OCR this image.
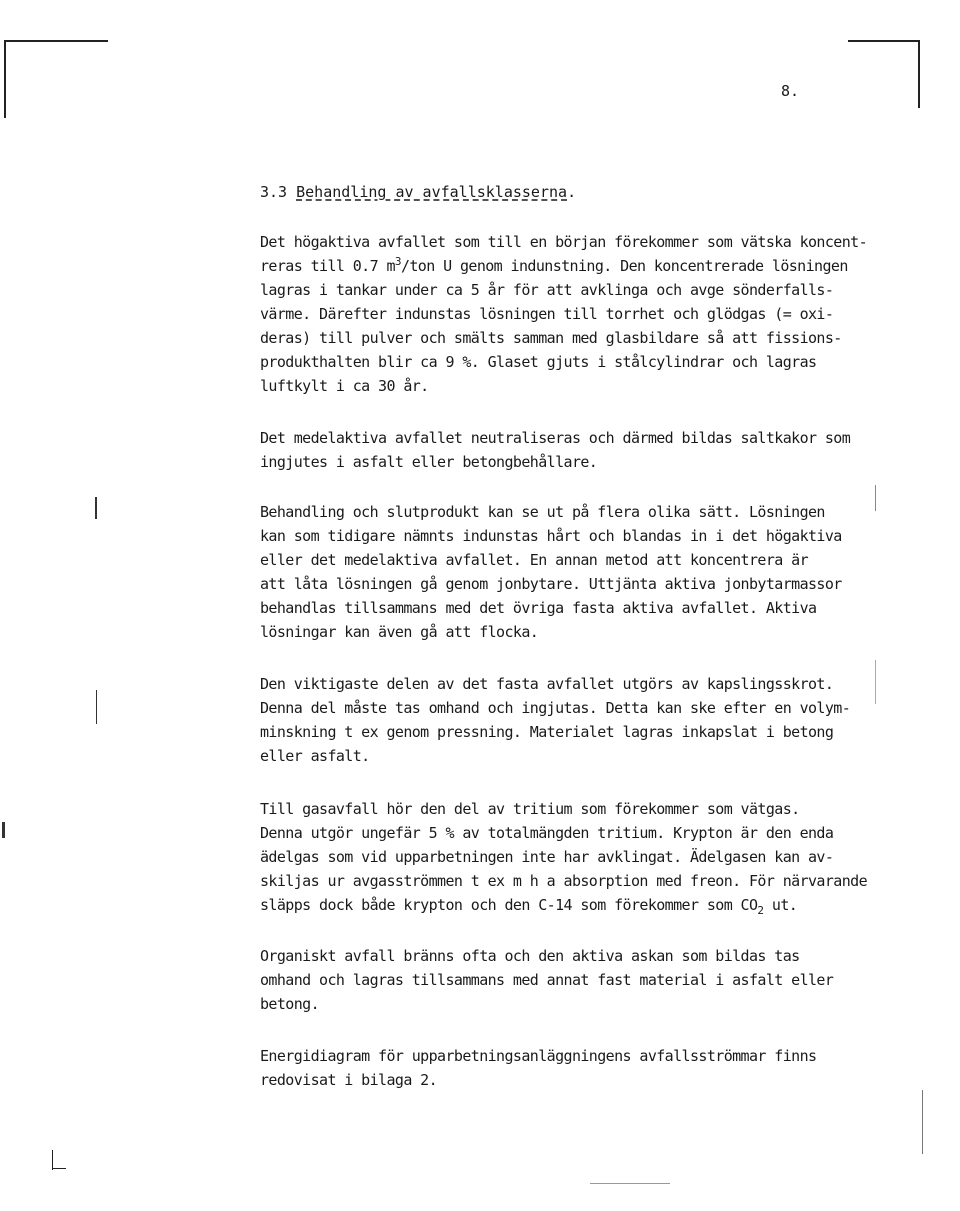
8.
3.3 Behandling av avfallsklasserna.
Det högaktiva avfallet som till en början förekommer som vätska koncent-
reras till 0.7 $m^3$/ton U genom indunstning. Den koncentrerade lösningen
lagras i tankar under ca 5 år för att avklinga och avge sönderfalls-
värme. Därefter indunstas lösningen till torrhet och glödgas (= oxi-
deras) till pulver och smälts samman med glasbildare så att fissions-
produkthalten blir ca 9 %. Glaset gjuts i stålcylindrar och lagras
luftkylt i ca 30 år.
Det medelaktiva avfallet neutraliseras och därmed bildas saltkakor som
ingjutes i asfalt eller betongbehållare.
Behandling och slutprodukt kan se ut på flera olika sätt. Lösningen
kan som tidigare nämnts indunstas hårt och blandas in i det högaktiva
eller det medelaktiva avfallet. En annan metod att koncentrera är
att låta lösningen gå genom jonbytare. Uttjänta aktiva jonbytarmassor
behandlas tillsammans med det övriga fasta aktiva avfallet. Aktiva
lösningar kan även gå att flocka.
Den viktigaste delen av det fasta avfallet utgörs av kapslingsskrot.
Denna del måste tas omhand och ingjutas. Detta kan ske efter en volym-
minskning t ex genom pressning. Materialet lagras inkapslat i betong
eller asfalt.
Till gasavfall hör den del av tritium som förekommer som vätgas.
Denna utgör ungefär 5 % av totalmängden tritium. Krypton är den enda
ädelgas som vid upparbetningen inte har avklingat. Ädelgasen kan av-
skiljas ur avgasströmmen t ex m h a absorption med freon. För närvarande
släpps dock både krypton och den C-14 som förekommer som $CO_2$ ut.
Organiskt avfall bränns ofta och den aktiva askan som bildas tas
omhand och lagras tillsammans med annat fast material i asfalt eller
betong.
Energidiagram för upparbetningsanläggningens avfallsströmmar finns
redovisat i bilaga 2.
